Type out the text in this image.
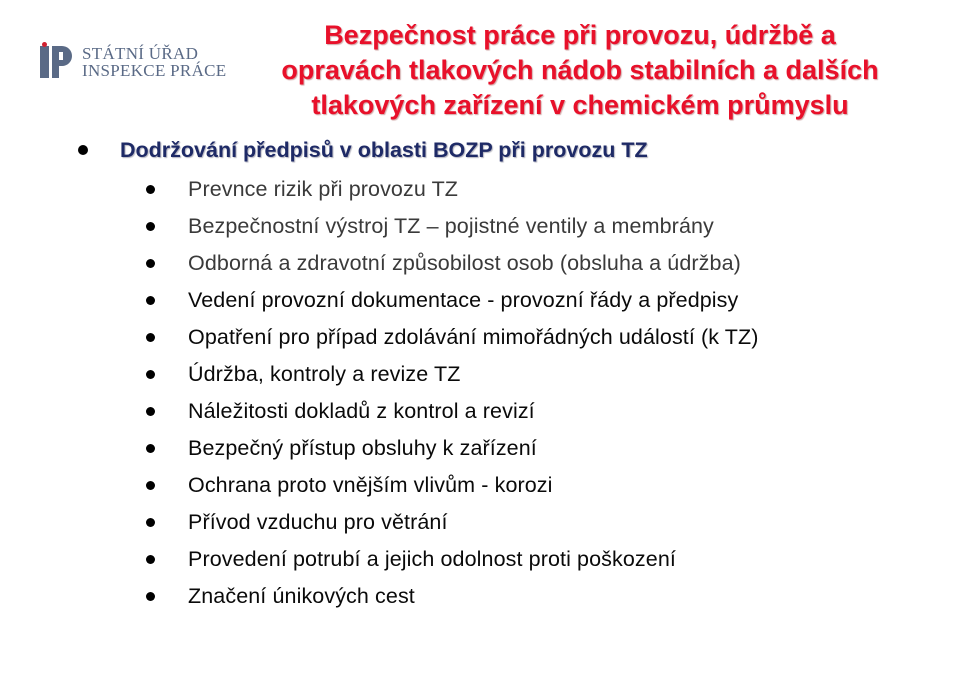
STÁTNÍ ÚŘAD
INSPEKCE PRÁCE
Bezpečnost práce při provozu, údržbě a
opravách tlakových nádob stabilních a dalších
tlakových zařízení v chemickém průmyslu
Dodržování předpisů v oblasti BOZP při provozu TZ
Prevnce rizik při provozu TZ
Bezpečnostní výstroj TZ – pojistné ventily a membrány
Odborná a zdravotní způsobilost osob (obsluha a údržba)
Vedení provozní dokumentace - provozní řády a předpisy
Opatření pro případ zdolávání mimořádných událostí (k TZ)
Údržba, kontroly a revize TZ
Náležitosti dokladů z kontrol a revizí
Bezpečný přístup obsluhy k zařízení
Ochrana proto vnějším vlivům - korozi
Přívod vzduchu pro větrání
Provedení potrubí a jejich odolnost proti poškození
Značení únikových cest
